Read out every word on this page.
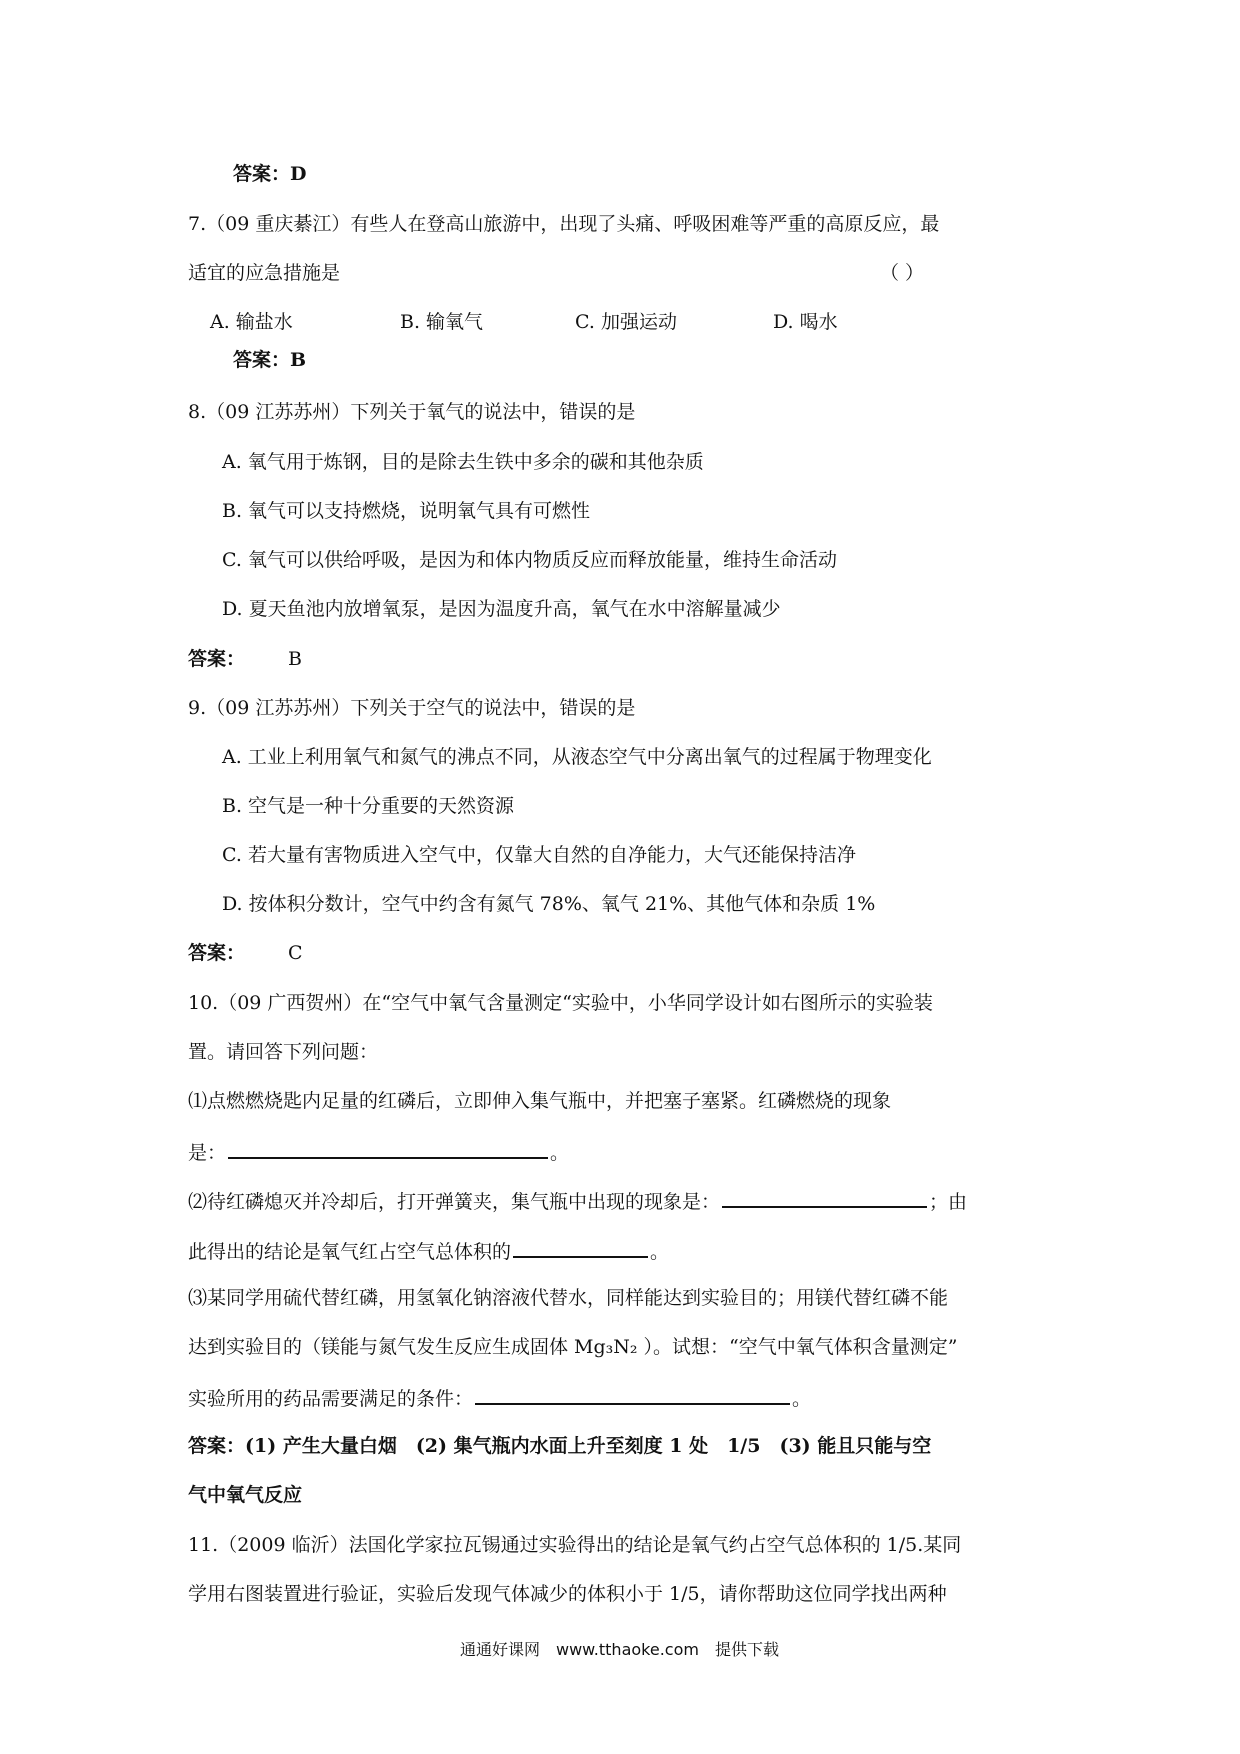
答案：D
7.（09 重庆綦江）有些人在登高山旅游中，出现了头痛、呼吸困难等严重的高原反应，最
适宜的应急措施是	（ ）
A. 输盐水	B. 输氧气	C. 加强运动	D. 喝水
答案：B
8.（09 江苏苏州）下列关于氧气的说法中，错误的是
A. 氧气用于炼钢，目的是除去生铁中多余的碳和其他杂质
B. 氧气可以支持燃烧，说明氧气具有可燃性
C. 氧气可以供给呼吸，是因为和体内物质反应而释放能量，维持生命活动
D. 夏天鱼池内放增氧泵，是因为温度升高，氧气在水中溶解量减少
答案： B
9.（09 江苏苏州）下列关于空气的说法中，错误的是
A. 工业上利用氧气和氮气的沸点不同，从液态空气中分离出氧气的过程属于物理变化
B. 空气是一种十分重要的天然资源
C. 若大量有害物质进入空气中，仅靠大自然的自净能力，大气还能保持洁净
D. 按体积分数计，空气中约含有氮气 78%、氧气 21%、其他气体和杂质 1%
答案： C
10.（09 广西贺州）在“空气中氧气含量测定“实验中，小华同学设计如右图所示的实验装
置。请回答下列问题：
⑴点燃燃烧匙内足量的红磷后，立即伸入集气瓶中，并把塞子塞紧。红磷燃烧的现象
是：	。
⑵待红磷熄灭并冷却后，打开弹簧夹，集气瓶中出现的现象是：	；由
此得出的结论是氧气红占空气总体积的	。
⑶某同学用硫代替红磷，用氢氧化钠溶液代替水，同样能达到实验目的；用镁代替红磷不能
达到实验目的（镁能与氮气发生反应生成固体 Mg₃N₂ ）。试想：“空气中氧气体积含量测定”
实验所用的药品需要满足的条件：	。
答案：(1) 产生大量白烟　(2) 集气瓶内水面上升至刻度 1 处　1/5　(3) 能且只能与空
气中氧气反应
11.（2009 临沂）法国化学家拉瓦锡通过实验得出的结论是氧气约占空气总体积的 1/5.某同
学用右图装置进行验证，实验后发现气体减少的体积小于 1/5，请你帮助这位同学找出两种
通通好课网　www.tthaoke.com　提供下载
